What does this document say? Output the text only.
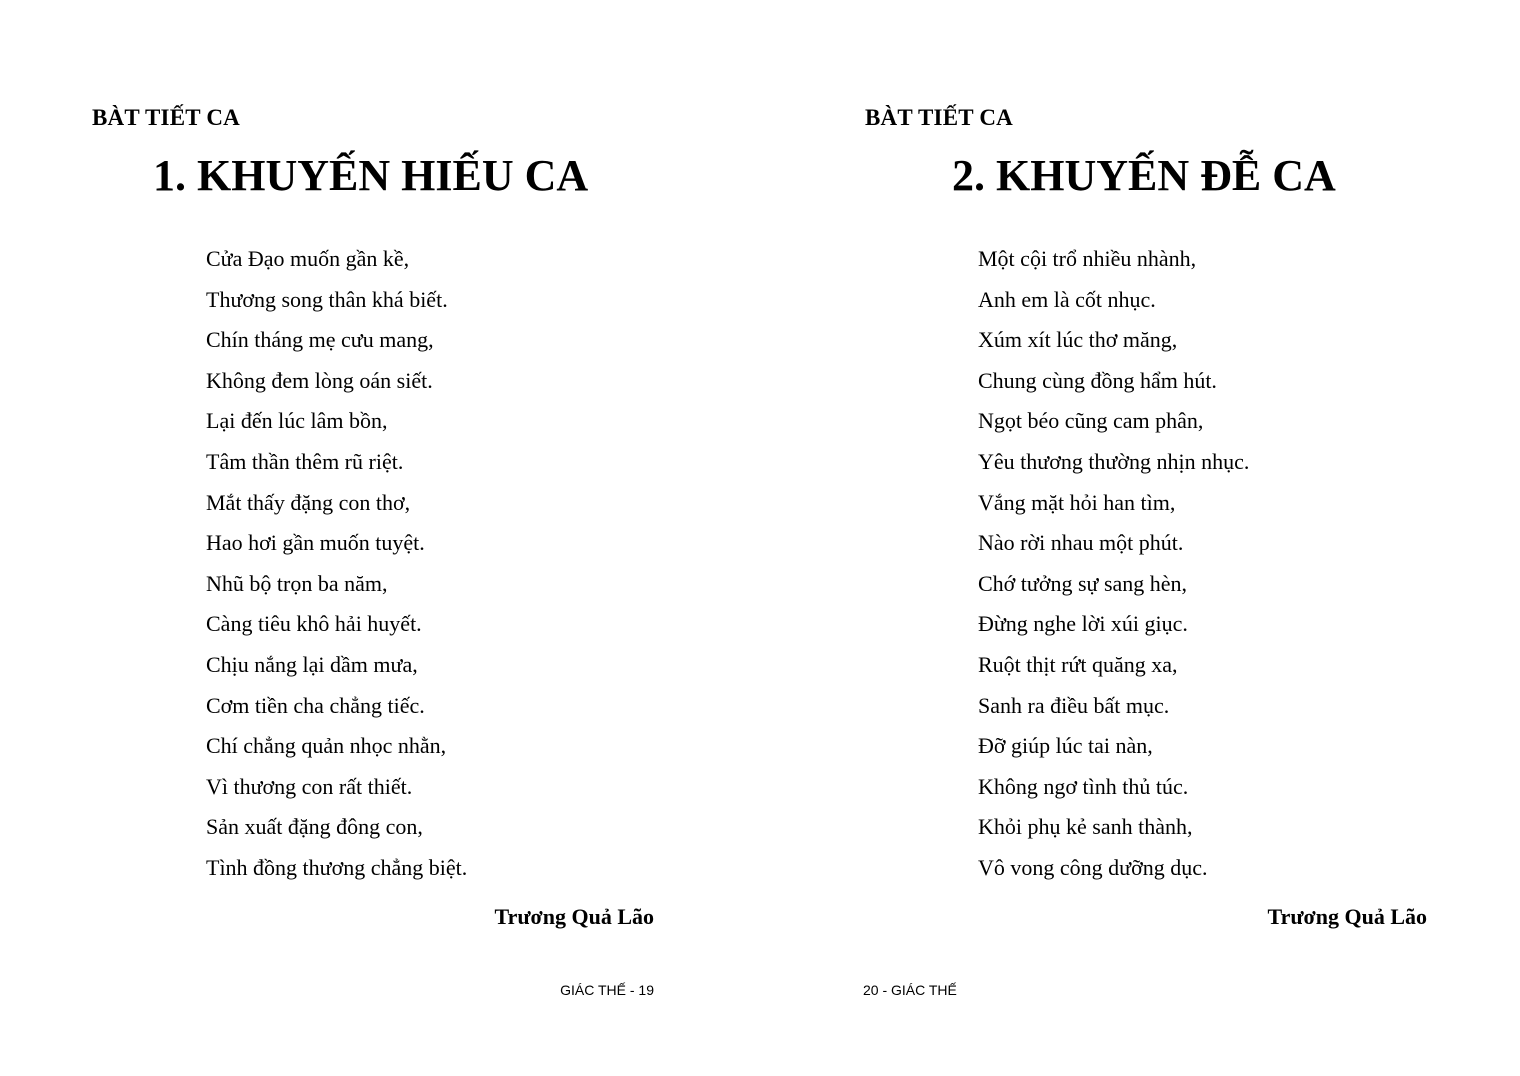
BÀT TIẾT CA
1. KHUYẾN HIẾU CA
Cửa Đạo muốn gần kề,
Thương song thân khá biết.
Chín tháng mẹ cưu mang,
Không đem lòng oán siết.
Lại đến lúc lâm bồn,
Tâm thần thêm rũ riệt.
Mắt thấy đặng con thơ,
Hao hơi gần muốn tuyệt.
Nhũ bộ trọn ba năm,
Càng tiêu khô hải huyết.
Chịu nắng lại dầm mưa,
Cơm tiền cha chẳng tiếc.
Chí chẳng quản nhọc nhằn,
Vì thương con rất thiết.
Sản xuất đặng đông con,
Tình đồng thương chẳng biệt.

Trương Quả Lão

GIÁC THẾ - 19

BÀT TIẾT CA
2. KHUYẾN ĐỄ CA
Một cội trổ nhiều nhành,
Anh em là cốt nhục.
Xúm xít lúc thơ măng,
Chung cùng đồng hẩm hút.
Ngọt béo cũng cam phân,
Yêu thương thường nhịn nhục.
Vắng mặt hỏi han tìm,
Nào rời nhau một phút.
Chớ tưởng sự sang hèn,
Đừng nghe lời xúi giục.
Ruột thịt rứt quăng xa,
Sanh ra điều bất mục.
Đỡ giúp lúc tai nàn,
Không ngơ tình thủ túc.
Khỏi phụ kẻ sanh thành,
Vô vong công dưỡng dục.

Trương Quả Lão

20 - GIÁC THẾ
